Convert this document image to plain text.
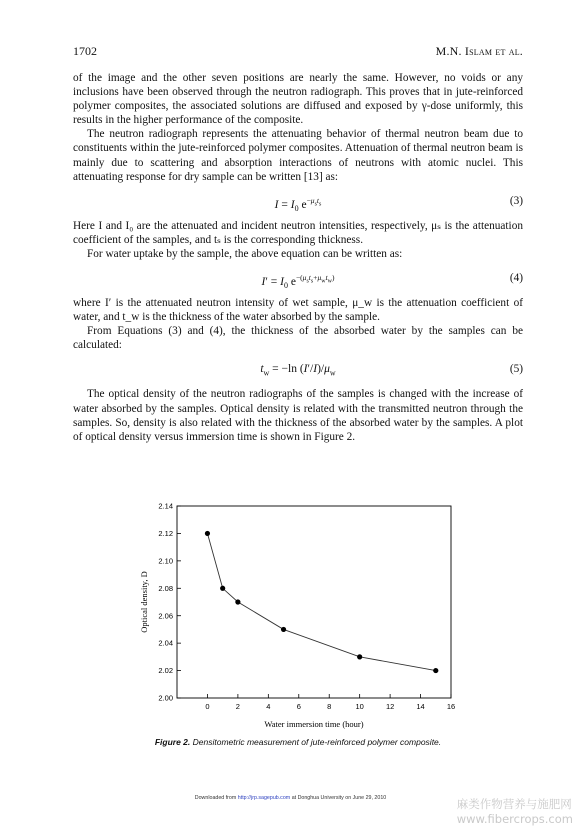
1702	M.N. Islam et al.

of the image and the other seven positions are nearly the same. However, no voids or any inclusions have been observed through the neutron radiograph. This proves that in jute-reinforced polymer composites, the associated solutions are diffused and exposed by γ-dose uniformly, this results in the higher performance of the composite.

The neutron radiograph represents the attenuating behavior of thermal neutron beam due to constituents within the jute-reinforced polymer composites. Attenuation of thermal neutron beam is mainly due to scattering and absorption interactions of neutrons with atomic nuclei. This attenuating response for dry sample can be written [13] as:

$I = I_0$ $e^{-\mu_st_s}$	(3)

Here I and I₀ are the attenuated and incident neutron intensities, respectively, μₛ is the attenuation coefficient of the samples, and tₛ is the corresponding thickness.

For water uptake by the sample, the above equation can be written as:

$I' = I_0$ $e^{-(\mu_st_s+\mu_wt_w)}$	(4)

where I′ is the attenuated neutron intensity of wet sample, μ_w is the attenuation coefficient of water, and t_w is the thickness of the water absorbed by the sample.

From Equations (3) and (4), the thickness of the absorbed water by the samples can be calculated:

$t_w = -\ln$ $(I'/I)/\mu_w$	(5)

The optical density of the neutron radiographs of the samples is changed with the increase of water absorbed by the samples. Optical density is related with the transmitted neutron through the samples. So, density is also related with the thickness of the absorbed water by the samples. A plot of optical density versus immersion time is shown in Figure 2.

0	2	4	6	8	10	12	14	16
2.00
2.02
2.04
2.06
2.08
2.10
2.12
2.14
Water immersion time (hour)
Optical density, D
Figure 2. Densitometric measurement of jute-reinforced polymer composite.
Downloaded from http://jrp.sagepub.com at Donghua University on June 29, 2010	麻类作物营养与施肥网
www.fibercrops.com
